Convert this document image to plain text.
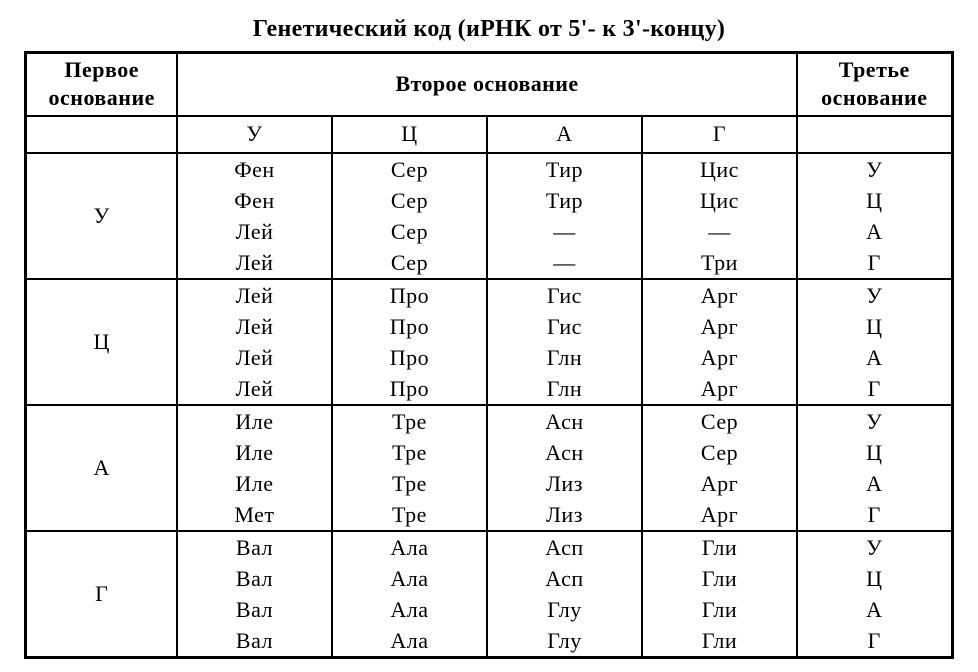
Генетический код (иРНК от 5'- к 3'-концу)
Первое основание	Второе основание				Третье основание
	У	Ц	А	Г	
У	Фен	Сер	Тир	Цис	У
	Фен	Сер	Тир	Цис	Ц
	Лей	Сер	—	—	А
	Лей	Сер	—	Три	Г
Ц	Лей	Про	Гис	Арг	У
	Лей	Про	Гис	Арг	Ц
	Лей	Про	Глн	Арг	А
	Лей	Про	Глн	Арг	Г
А	Иле	Тре	Асн	Сер	У
	Иле	Тре	Асн	Сер	Ц
	Иле	Тре	Лиз	Арг	А
	Мет	Тре	Лиз	Арг	Г
Г	Вал	Ала	Асп	Гли	У
	Вал	Ала	Асп	Гли	Ц
	Вал	Ала	Глу	Гли	А
	Вал	Ала	Глу	Гли	Г
